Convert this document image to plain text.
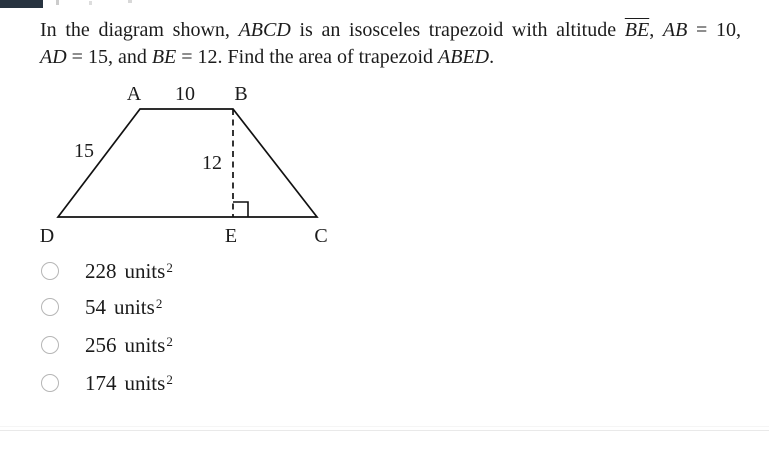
In the diagram shown, ABCD is an isosceles trapezoid with altitude $\overline{BE}$, AB = 10,
AD = 15, and BE = 12. Find the area of trapezoid ABED.
A 10 B
15
12
D	E	C
228 units$^2$
54 units$^2$
256 units$^2$
174 units$^2$
